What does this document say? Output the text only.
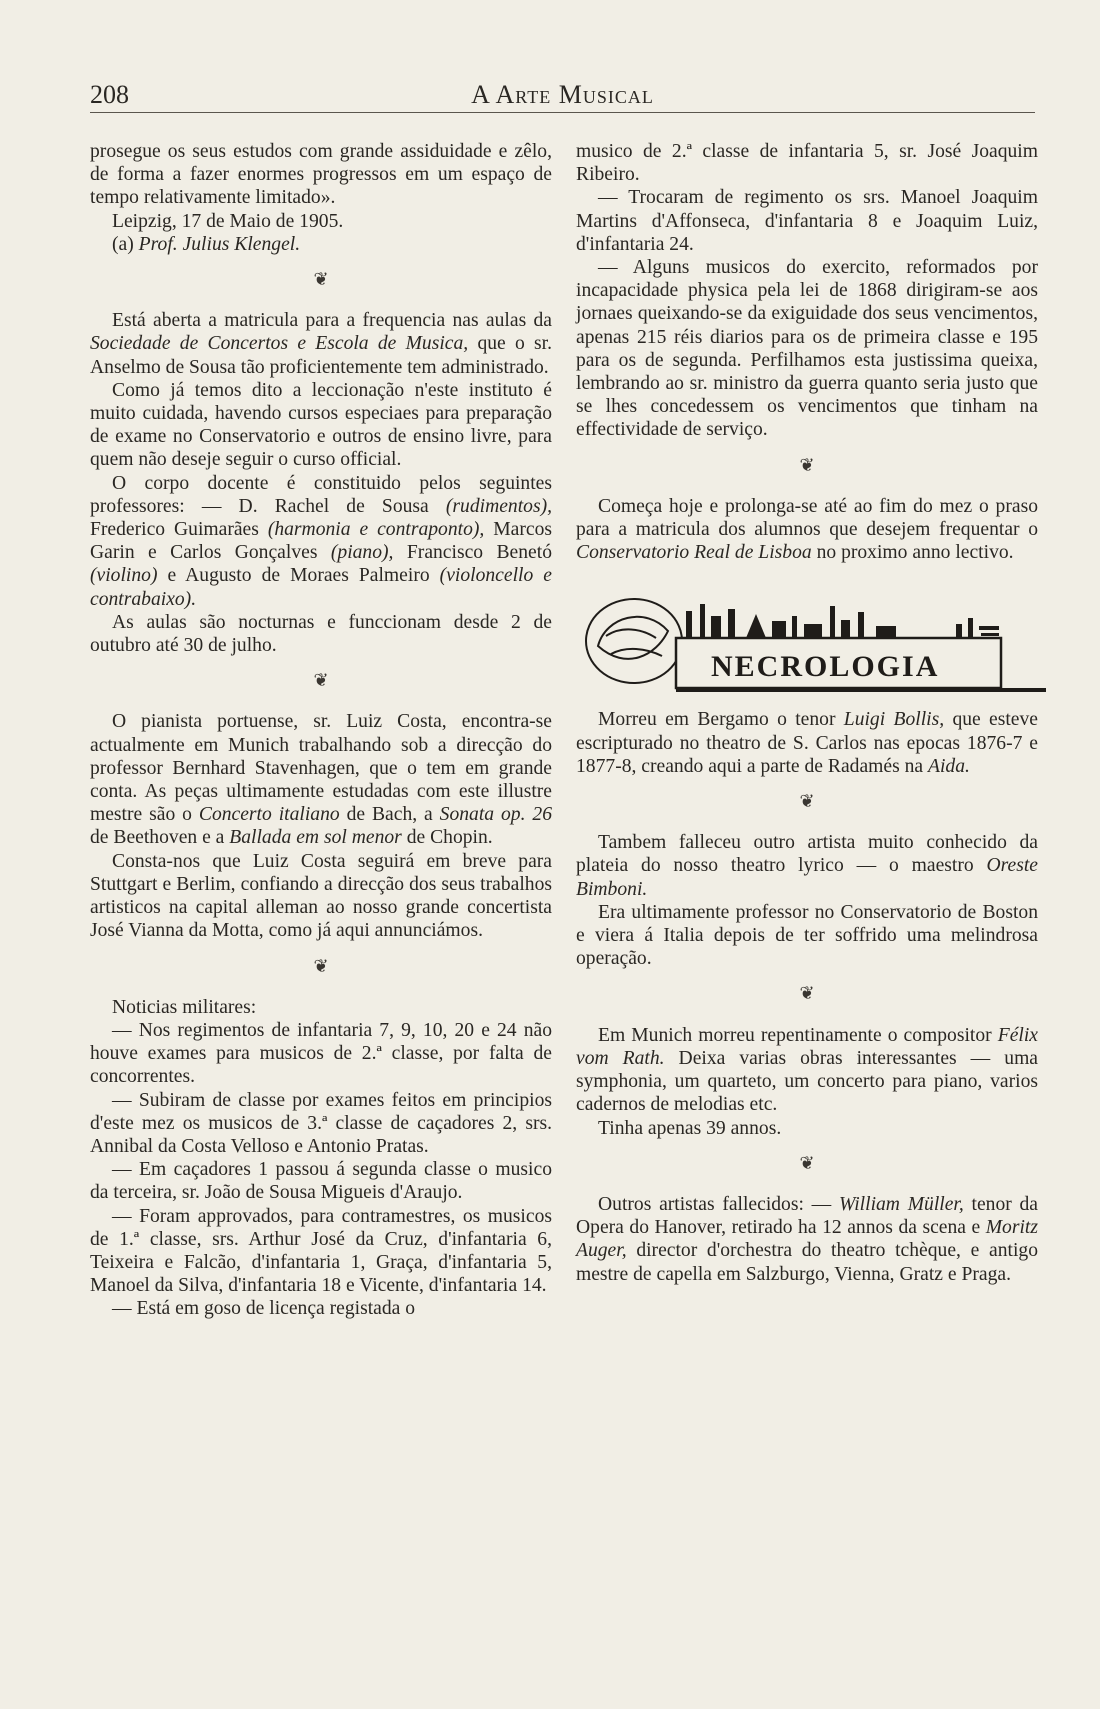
208	A Arte Musical

prosegue os seus estudos com grande assiduidade e zêlo, de forma a fazer enormes progressos em um espaço de tempo relativamente limitado».

Leipzig, 17 de Maio de 1905.

(a) Prof. Julius Klengel.

❦

Está aberta a matricula para a frequencia nas aulas da Sociedade de Concertos e Escola de Musica, que o sr. Anselmo de Sousa tão proficientemente tem administrado.

Como já temos dito a leccionação n'este instituto é muito cuidada, havendo cursos especiaes para preparação de exame no Conservatorio e outros de ensino livre, para quem não deseje seguir o curso official.

O corpo docente é constituido pelos seguintes professores: — D. Rachel de Sousa (rudimentos), Frederico Guimarães (harmonia e contraponto), Marcos Garin e Carlos Gonçalves (piano), Francisco Benetó (violino) e Augusto de Moraes Palmeiro (violoncello e contrabaixo).

As aulas são nocturnas e funccionam desde 2 de outubro até 30 de julho.

❦

O pianista portuense, sr. Luiz Costa, encontra-se actualmente em Munich trabalhando sob a direcção do professor Bernhard Stavenhagen, que o tem em grande conta. As peças ultimamente estudadas com este illustre mestre são o Concerto italiano de Bach, a Sonata op. 26 de Beethoven e a Ballada em sol menor de Chopin.

Consta-nos que Luiz Costa seguirá em breve para Stuttgart e Berlim, confiando a direcção dos seus trabalhos artisticos na capital alleman ao nosso grande concertista José Vianna da Motta, como já aqui annunciámos.

❦

Noticias militares:

— Nos regimentos de infantaria 7, 9, 10, 20 e 24 não houve exames para musicos de 2.ª classe, por falta de concorrentes.

— Subiram de classe por exames feitos em principios d'este mez os musicos de 3.ª classe de caçadores 2, srs. Annibal da Costa Velloso e Antonio Pratas.

— Em caçadores 1 passou á segunda classe o musico da terceira, sr. João de Sousa Migueis d'Araujo.

— Foram approvados, para contramestres, os musicos de 1.ª classe, srs. Arthur José da Cruz, d'infantaria 6, Teixeira e Falcão, d'infantaria 1, Graça, d'infantaria 5, Manoel da Silva, d'infantaria 18 e Vicente, d'infantaria 14.

— Está em goso de licença registada o

musico de 2.ª classe de infantaria 5, sr. José Joaquim Ribeiro.

— Trocaram de regimento os srs. Manoel Joaquim Martins d'Affonseca, d'infantaria 8 e Joaquim Luiz, d'infantaria 24.

— Alguns musicos do exercito, reformados por incapacidade physica pela lei de 1868 dirigiram-se aos jornaes queixando-se da exiguidade dos seus vencimentos, apenas 215 réis diarios para os de primeira classe e 195 para os de segunda. Perfilhamos esta justissima queixa, lembrando ao sr. ministro da guerra quanto seria justo que se lhes concedessem os vencimentos que tinham na effectividade de serviço.

❦

Começa hoje e prolonga-se até ao fim do mez o praso para a matricula dos alumnos que desejem frequentar o Conservatorio Real de Lisboa no proximo anno lectivo.

NECROLOGIA

Morreu em Bergamo o tenor Luigi Bollis, que esteve escripturado no theatro de S. Carlos nas epocas 1876-7 e 1877-8, creando aqui a parte de Radamés na Aida.

❦

Tambem falleceu outro artista muito conhecido da plateia do nosso theatro lyrico — o maestro Oreste Bimboni.

Era ultimamente professor no Conservatorio de Boston e viera á Italia depois de ter soffrido uma melindrosa operação.

❦

Em Munich morreu repentinamente o compositor Félix vom Rath. Deixa varias obras interessantes — uma symphonia, um quarteto, um concerto para piano, varios cadernos de melodias etc.

Tinha apenas 39 annos.

❦

Outros artistas fallecidos: — William Müller, tenor da Opera do Hanover, retirado ha 12 annos da scena e Moritz Auger, director d'orchestra do theatro tchèque, e antigo mestre de capella em Salzburgo, Vienna, Gratz e Praga.
